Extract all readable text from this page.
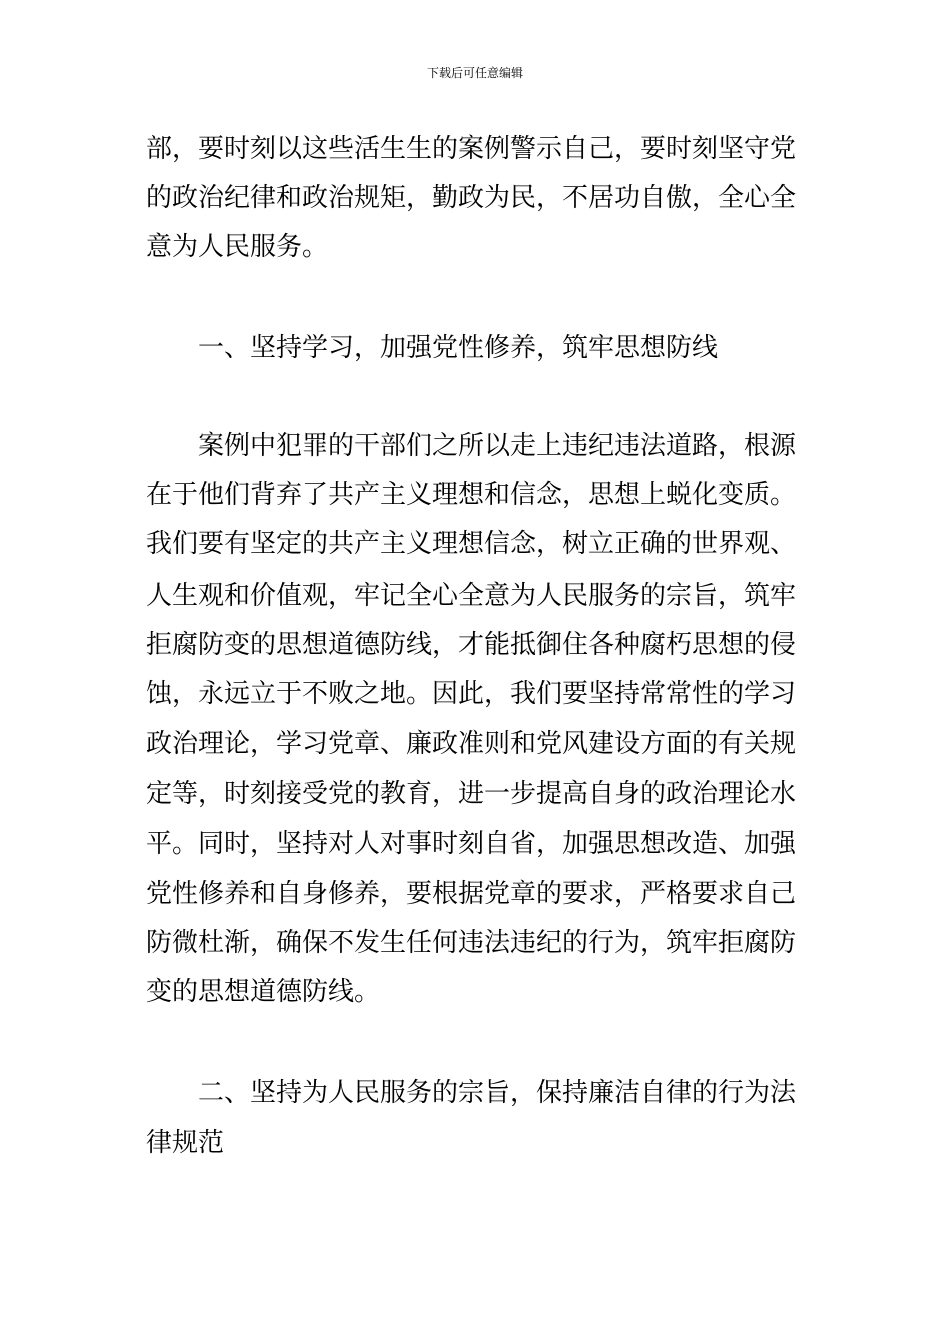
下载后可任意编辑
部，要时刻以这些活生生的案例警示自己，要时刻坚守党
的政治纪律和政治规矩，勤政为民，不居功自傲，全心全
意为人民服务。
一、坚持学习，加强党性修养，筑牢思想防线
案例中犯罪的干部们之所以走上违纪违法道路，根源
在于他们背弃了共产主义理想和信念，思想上蜕化变质。
我们要有坚定的共产主义理想信念，树立正确的世界观、
人生观和价值观，牢记全心全意为人民服务的宗旨，筑牢
拒腐防变的思想道德防线，才能抵御住各种腐朽思想的侵
蚀，永远立于不败之地。因此，我们要坚持常常性的学习
政治理论，学习党章、廉政准则和党风建设方面的有关规
定等，时刻接受党的教育，进一步提高自身的政治理论水
平。同时，坚持对人对事时刻自省，加强思想改造、加强
党性修养和自身修养，要根据党章的要求，严格要求自己
防微杜渐，确保不发生任何违法违纪的行为，筑牢拒腐防
变的思想道德防线。
二、坚持为人民服务的宗旨，保持廉洁自律的行为法
律规范
